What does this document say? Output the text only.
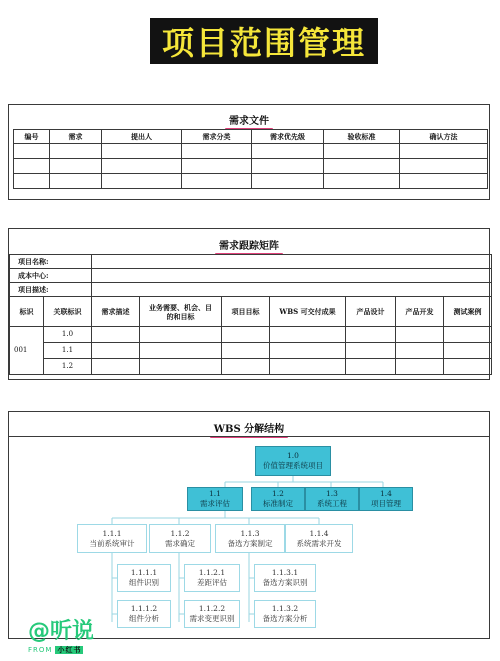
项目范围管理
需求文件
编号	需求	提出人	需求分类	需求优先级	验收标准	确认方法

需求跟踪矩阵
项目名称:								
成本中心:								
项目描述:								
标识	关联标识	需求描述	业务需要、机会、目的和目标	项目目标	WBS 可交付成果	产品设计	产品开发	测试案例
001	1.0							
	1.1							
	1.2							
WBS 分解结构
1.0
价值管理系统项目
1.1
需求评估
1.2
标准制定
1.3
系统工程
1.4
项目管理
1.1.1
当前系统审计
1.1.2
需求确定
1.1.3
备选方案制定
1.1.4
系统需求开发
1.1.1.1
组件识别
1.1.2.1
差距评估
1.1.3.1
备选方案识别
1.1.1.2
组件分析
1.1.2.2
需求变更识别
1.1.3.2
备选方案分析
@听说
FROM 小红书
